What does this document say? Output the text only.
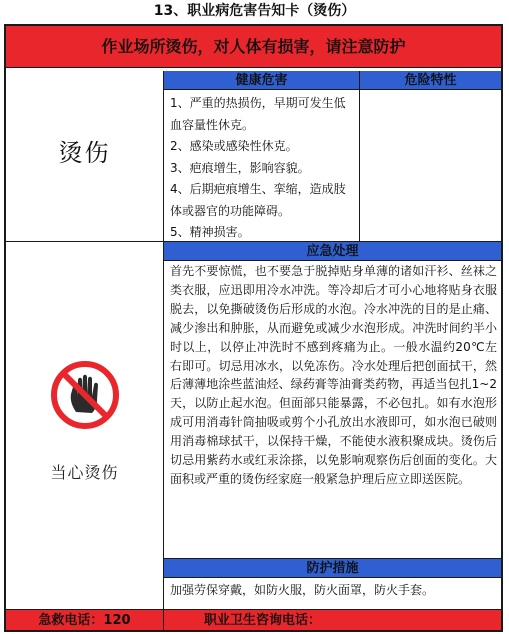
13、职业病危害告知卡（烫伤）
作业场所烫伤，对人体有损害，请注意防护
烫伤
当心烫伤
健康危害	危险特性
1、严重的热损伤，早期可发生低血容量性休克。
2、感染或感染性休克。
3、疤痕增生，影响容貌。
4、后期疤痕增生、挛缩，造成肢体或器官的功能障碍。
5、精神损害。
应急处理
首先不要惊慌，也不要急于脱掉贴身单薄的诸如汗衫、丝袜之类衣服，应迅即用冷水冲洗。等冷却后才可小心地将贴身衣服脱去，以免撕破烫伤后形成的水泡。冷水冲洗的目的是止痛、减少渗出和肿胀，从而避免或减少水泡形成。冲洗时间约半小时以上，以停止冲洗时不感到疼痛为止。一般水温约20℃左右即可。切忌用冰水，以免冻伤。冷水处理后把创面拭干，然后薄薄地涂些蓝油烃、绿药膏等油膏类药物，再适当包扎1~2天，以防止起水泡。但面部只能暴露，不必包扎。如有水泡形成可用消毒针筒抽吸或剪个小孔放出水液即可，如水泡已破则用消毒棉球拭干，以保持干燥，不能使水液积聚成块。烫伤后切忌用紫药水或红汞涂搽，以免影响观察伤后创面的变化。大面积或严重的烫伤经家庭一般紧急护理后应立即送医院。
防护措施
加强劳保穿戴，如防火服，防火面罩，防火手套。
急救电话：120	职业卫生咨询电话：
